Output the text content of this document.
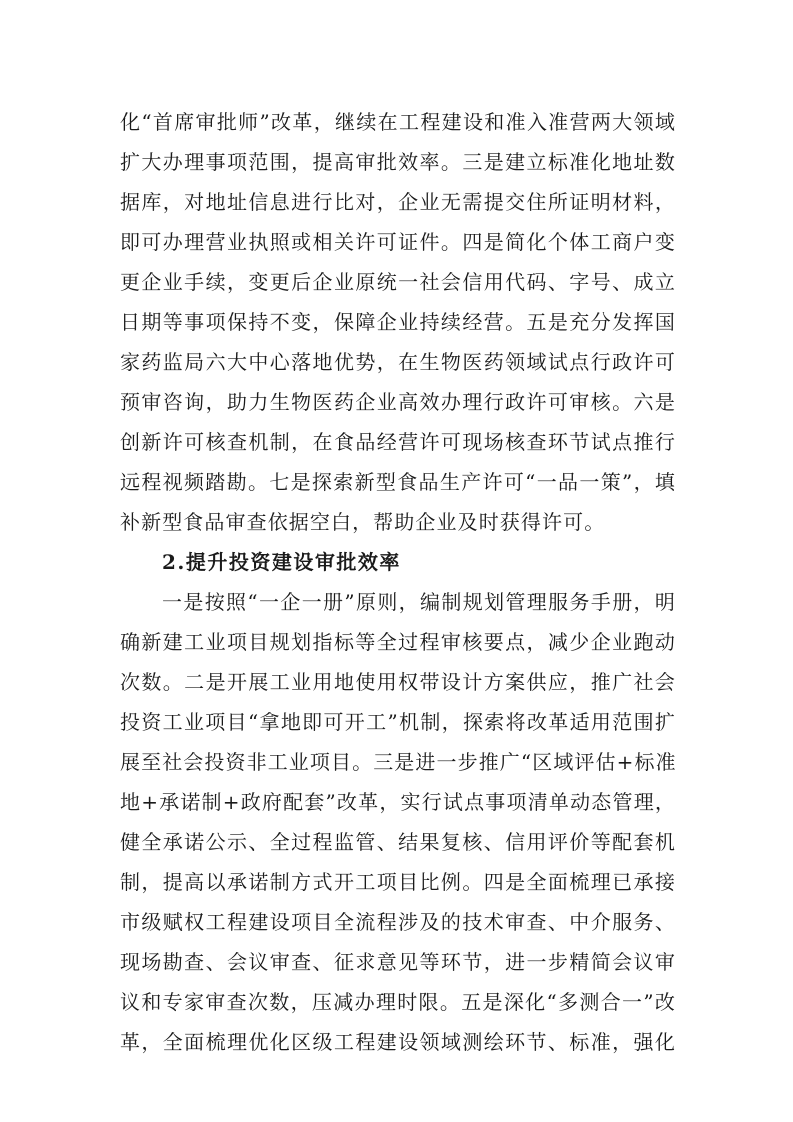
化“首席审批师”改革，继续在工程建设和准入准营两大领域
扩大办理事项范围，提高审批效率。三是建立标准化地址数
据库，对地址信息进行比对，企业无需提交住所证明材料，
即可办理营业执照或相关许可证件。四是简化个体工商户变
更企业手续，变更后企业原统一社会信用代码、字号、成立
日期等事项保持不变，保障企业持续经营。五是充分发挥国
家药监局六大中心落地优势，在生物医药领域试点行政许可
预审咨询，助力生物医药企业高效办理行政许可审核。六是
创新许可核查机制，在食品经营许可现场核查环节试点推行
远程视频踏勘。七是探索新型食品生产许可“一品一策”，填
补新型食品审查依据空白，帮助企业及时获得许可。
2.提升投资建设审批效率
一是按照“一企一册”原则，编制规划管理服务手册，明
确新建工业项目规划指标等全过程审核要点，减少企业跑动
次数。二是开展工业用地使用权带设计方案供应，推广社会
投资工业项目“拿地即可开工”机制，探索将改革适用范围扩
展至社会投资非工业项目。三是进一步推广“区域评估+标准
地+承诺制+政府配套”改革，实行试点事项清单动态管理，
健全承诺公示、全过程监管、结果复核、信用评价等配套机
制，提高以承诺制方式开工项目比例。四是全面梳理已承接
市级赋权工程建设项目全流程涉及的技术审查、中介服务、
现场勘查、会议审查、征求意见等环节，进一步精简会议审
议和专家审查次数，压减办理时限。五是深化“多测合一”改
革，全面梳理优化区级工程建设领域测绘环节、标准，强化
